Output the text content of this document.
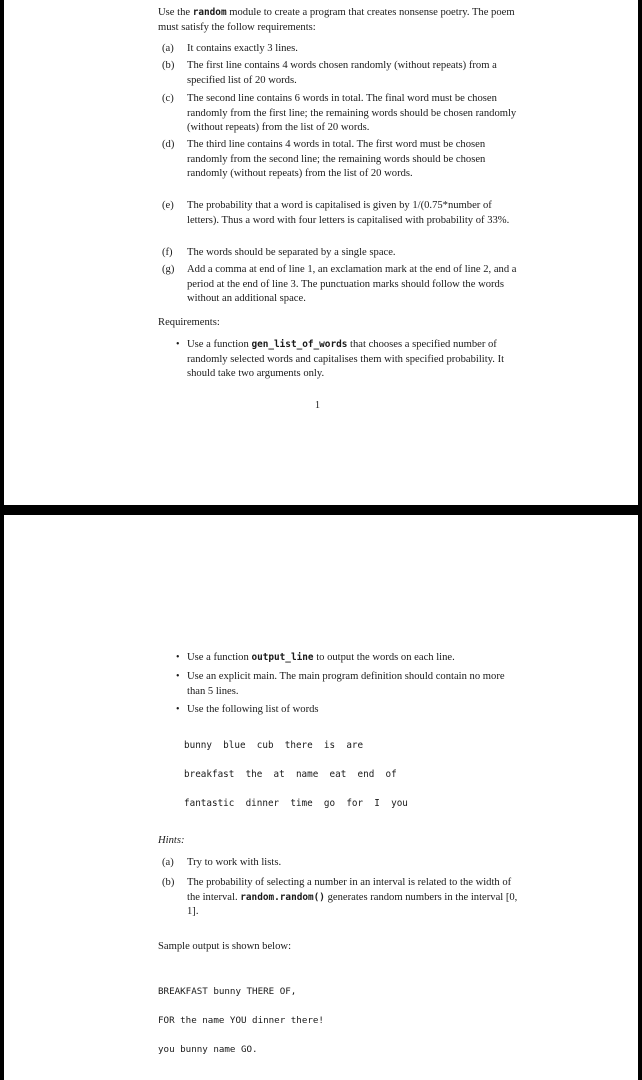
Use the random module to create a program that creates nonsense poetry. The poem must satisfy the follow requirements:
(a)	It contains exactly 3 lines.
(b)	The first line contains 4 words chosen randomly (without repeats) from a specified list of 20 words.
(c)	The second line contains 6 words in total. The final word must be chosen randomly from the first line; the remaining words should be chosen randomly (without repeats) from the list of 20 words.
(d)	The third line contains 4 words in total. The first word must be chosen randomly from the second line; the remaining words should be chosen randomly (without repeats) from the list of 20 words.
(e)	The probability that a word is capitalised is given by 1/(0.75*number of letters). Thus a word with four letters is capitalised with probability of 33%.
(f)	The words should be separated by a single space.
(g)	Add a comma at end of line 1, an exclamation mark at the end of line 2, and a period at the end of line 3. The punctuation marks should follow the words without an additional space.
Requirements:
• Use a function gen_list_of_words that chooses a specified number of randomly selected words and capitalises them with specified probability. It should take two arguments only.
1
• Use a function output_line to output the words on each line.
• Use an explicit main. The main program definition should contain no more than 5 lines.
• Use the following list of words
bunny  blue  cub  there  is  are
breakfast  the  at  name  eat  end  of
fantastic  dinner  time  go  for  I  you
Hints:
(a)	Try to work with lists.
(b)	The probability of selecting a number in an interval is related to the width of the interval. random.random() generates random numbers in the interval [0, 1].
Sample output is shown below:
BREAKFAST bunny THERE OF,
FOR the name YOU dinner there!
you bunny name GO.
